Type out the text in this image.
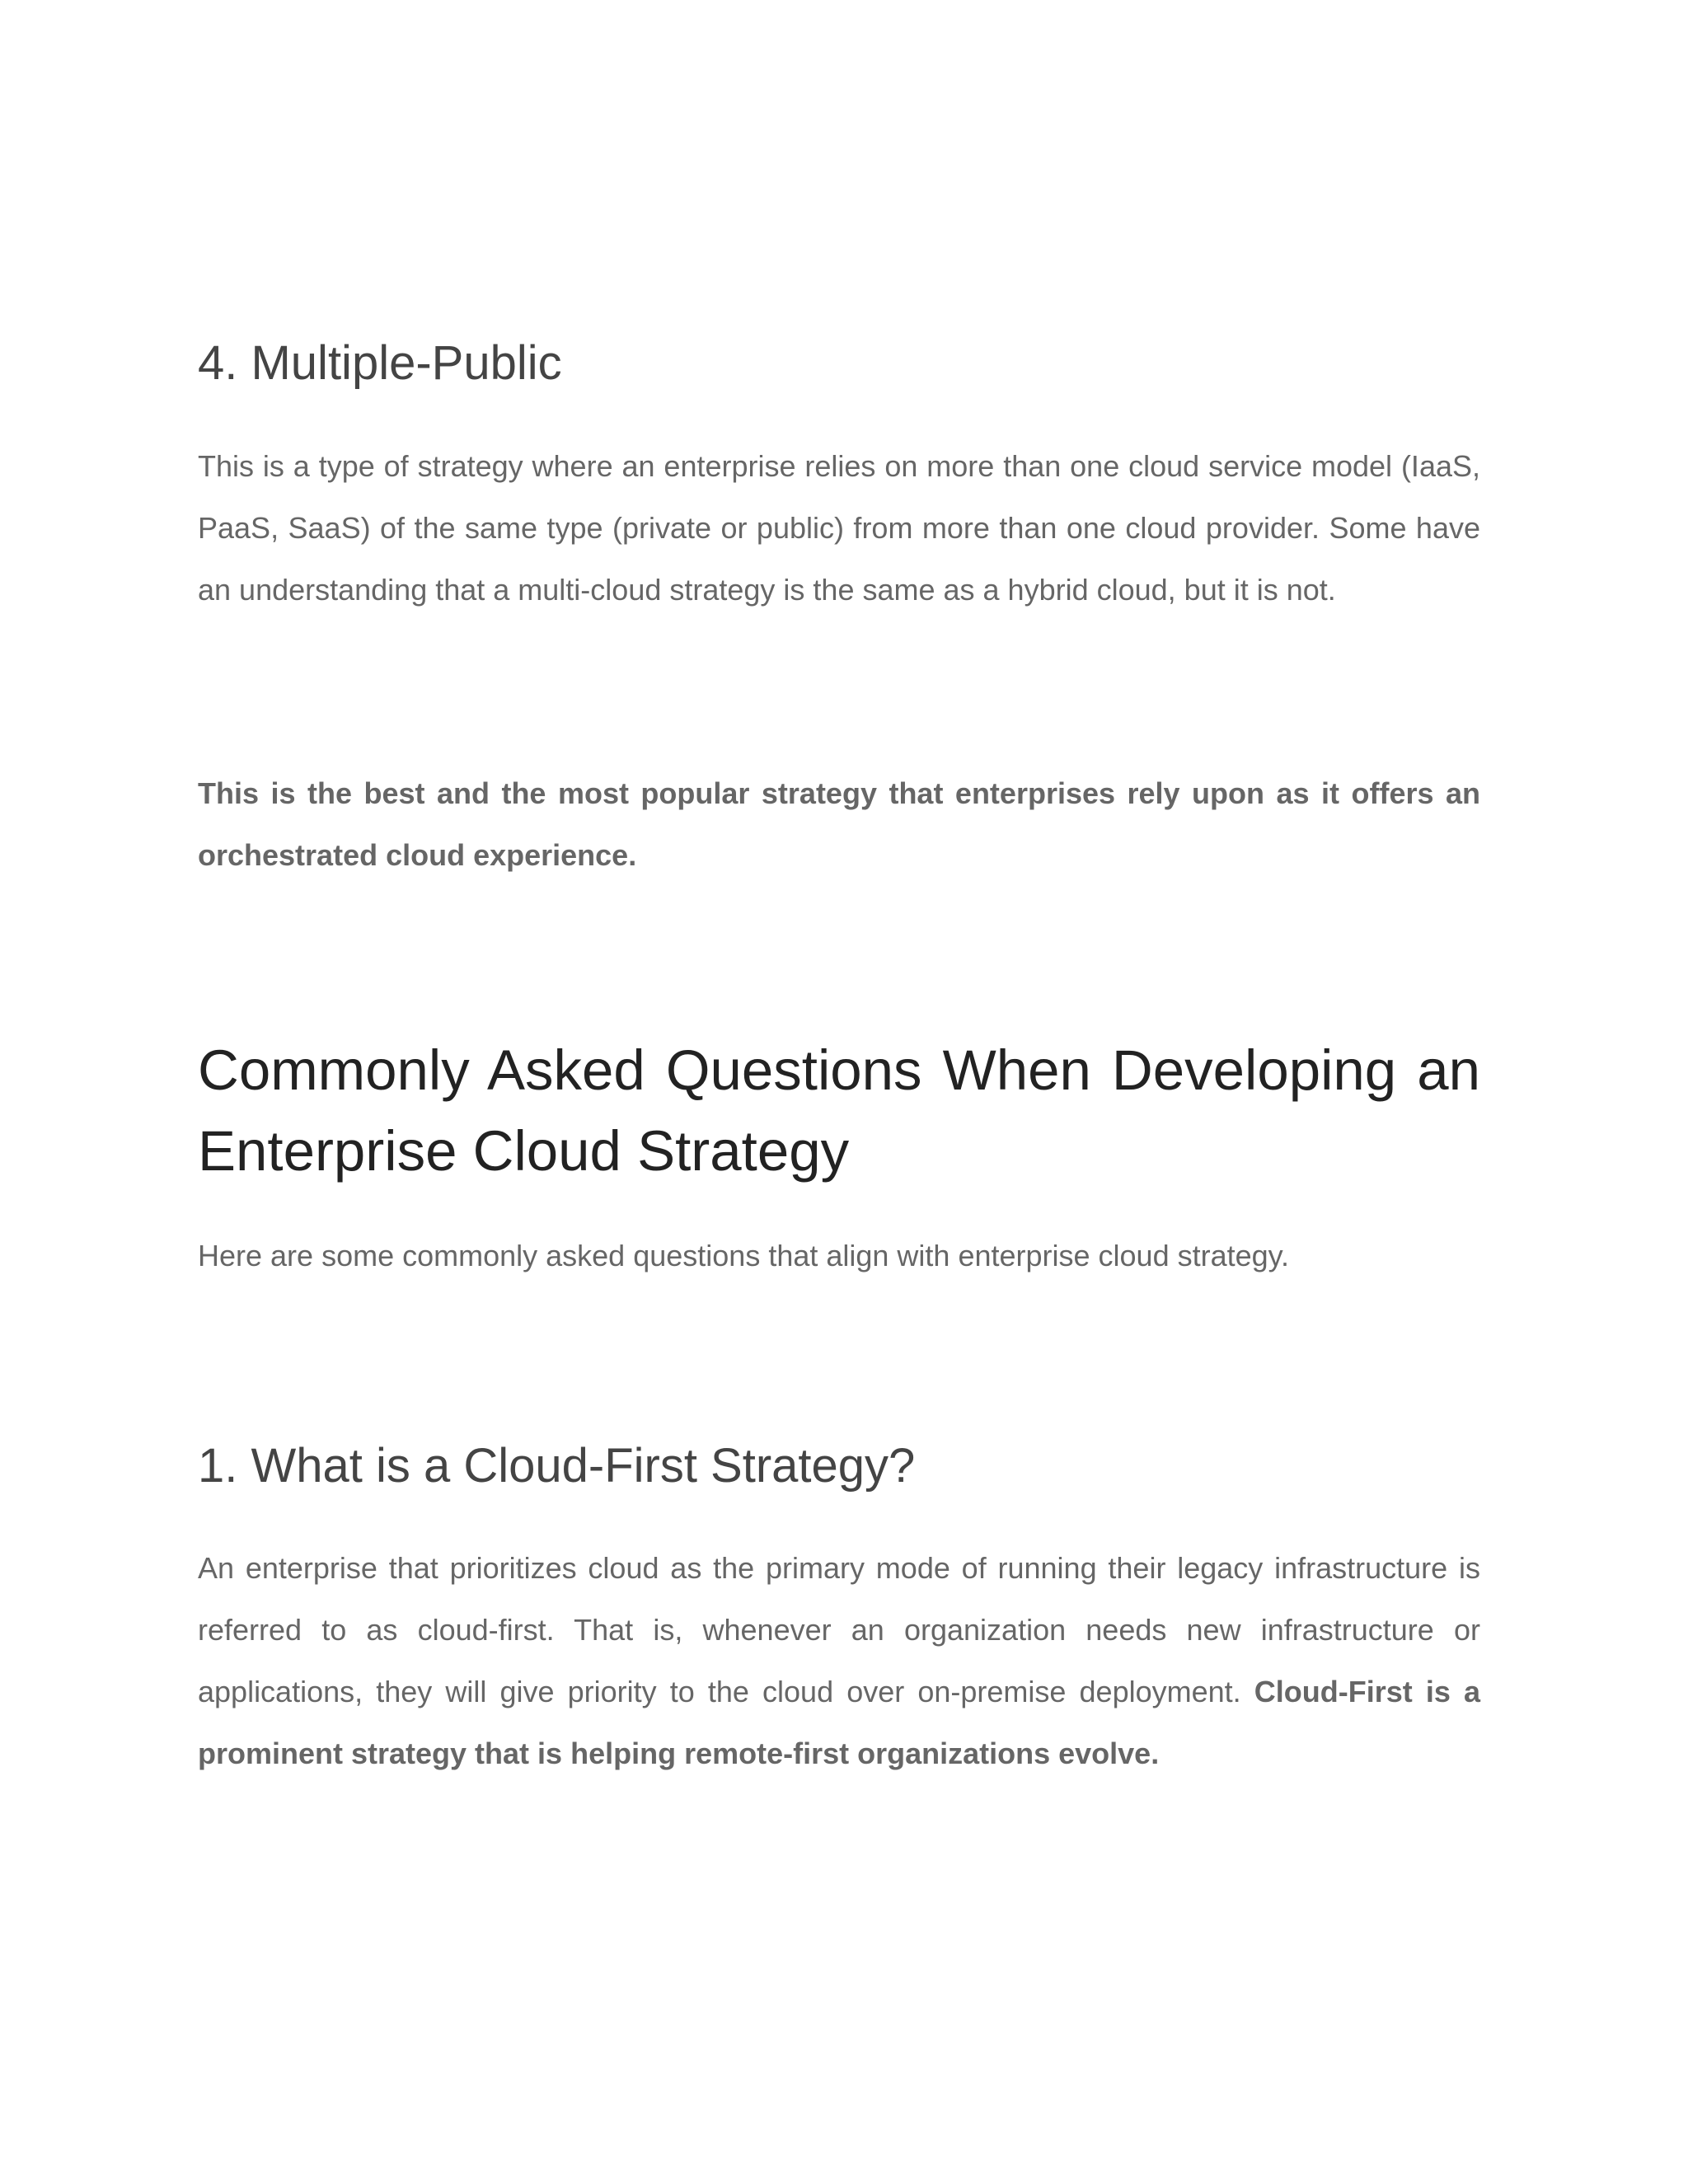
4. Multiple-Public

This is a type of strategy where an enterprise relies on more than one cloud service model (IaaS, PaaS, SaaS) of the same type (private or public) from more than one cloud provider. Some have an understanding that a multi-cloud strategy is the same as a hybrid cloud, but it is not.

This is the best and the most popular strategy that enterprises rely upon as it offers an orchestrated cloud experience.

Commonly Asked Questions When Developing an Enterprise Cloud Strategy

Here are some commonly asked questions that align with enterprise cloud strategy.

1. What is a Cloud-First Strategy?

An enterprise that prioritizes cloud as the primary mode of running their legacy infrastructure is referred to as cloud-first. That is, whenever an organization needs new infrastructure or applications, they will give priority to the cloud over on-premise deployment. Cloud-First is a prominent strategy that is helping remote-first organizations evolve.
